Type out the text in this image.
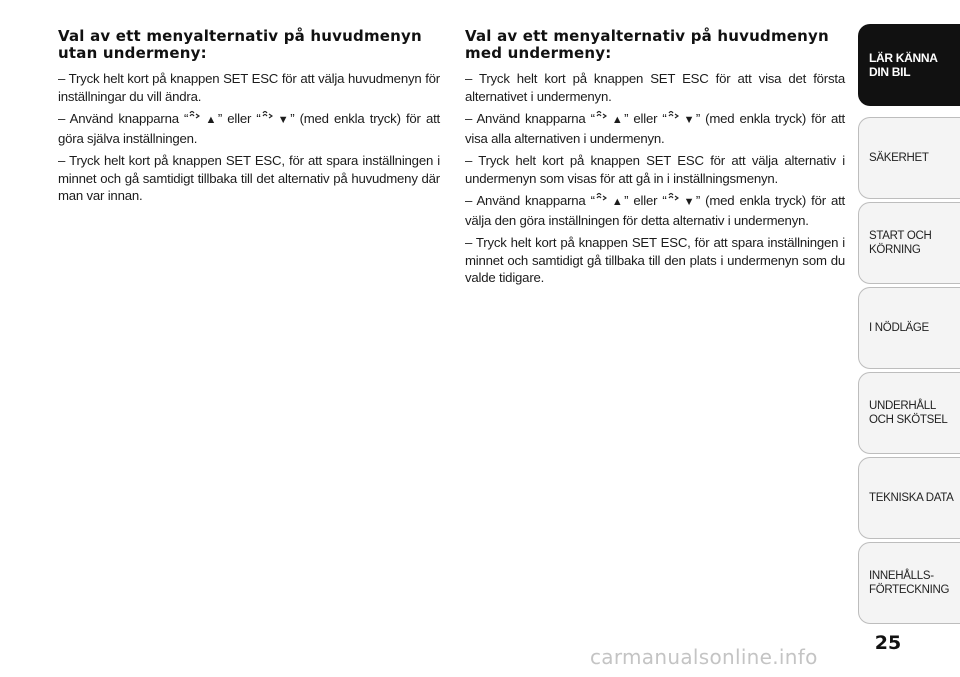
Val av ett menyalternativ på huvudmenyn
utan undermeny:

– Tryck helt kort på knappen SET ESC för att välja huvudmenyn för inställningar du vill ändra.

– Använd knapparna “ ▲” eller “ ▼” (med enkla tryck) för att göra själva inställningen.

– Tryck helt kort på knappen SET ESC, för att spara inställningen i minnet och gå samtidigt tillbaka till det alternativ på huvudmeny där man var innan.

Val av ett menyalternativ på huvudmenyn
med undermeny:

– Tryck helt kort på knappen SET ESC för att visa det första alternativet i undermenyn.

– Använd knapparna “ ▲” eller “ ▼” (med enkla tryck) för att visa alla alternativen i undermenyn.

– Tryck helt kort på knappen SET ESC för att välja alternativ i undermenyn som visas för att gå in i inställningsmenyn.

– Använd knapparna “ ▲” eller “ ▼” (med enkla tryck) för att välja den göra inställningen för detta alternativ i undermenyn.

– Tryck helt kort på knappen SET ESC, för att spara inställningen i minnet och samtidigt gå tillbaka till den plats i undermenyn som du valde tidigare.

LÄR KÄNNA
DIN BIL
SÄKERHET
START OCH
KÖRNING
I NÖDLÄGE
UNDERHÅLL
OCH SKÖTSEL
TEKNISKA DATA
INNEHÅLLS-
FÖRTECKNING
25
carmanualsonline.info
